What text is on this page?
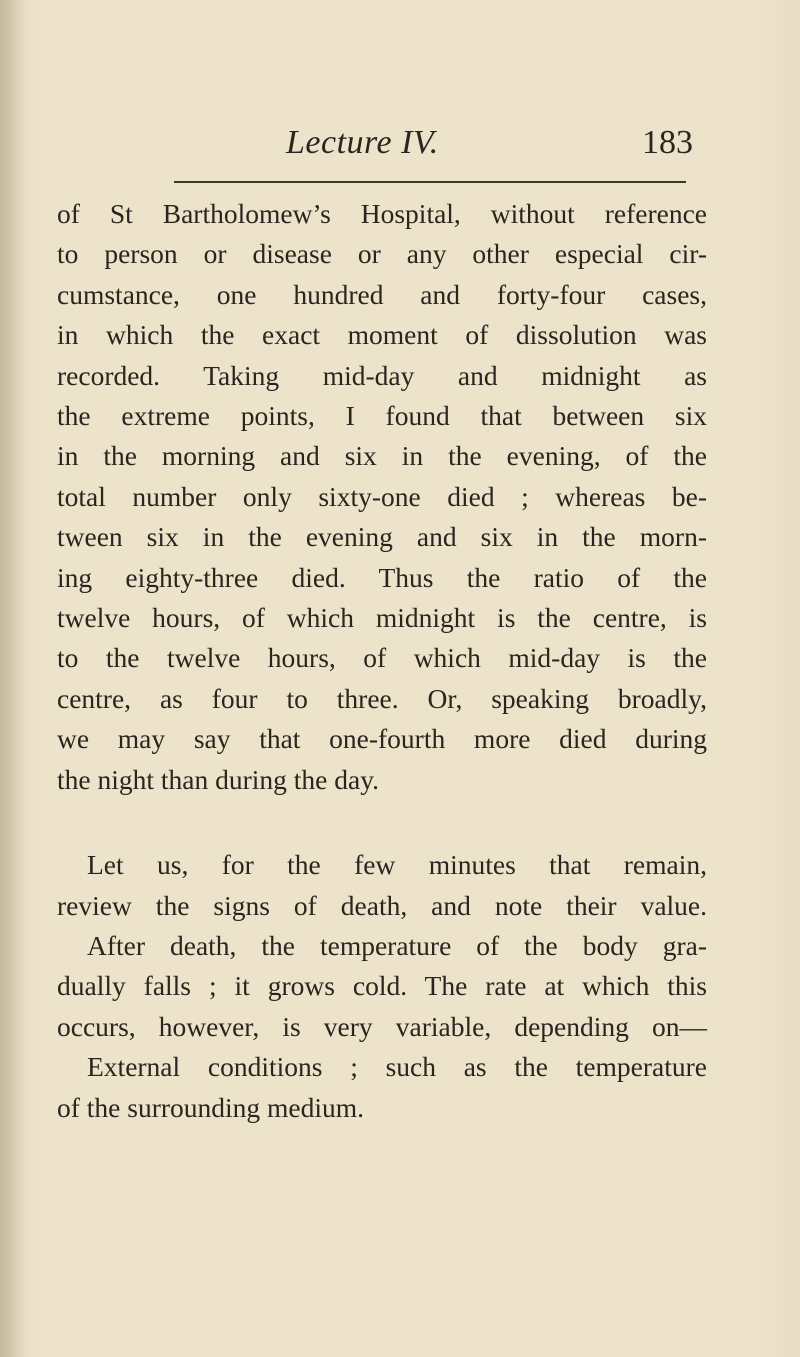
Lecture IV.	183
of St Bartholomew’s Hospital, without reference
to person or disease or any other especial cir-
cumstance, one hundred and forty-four cases,
in which the exact moment of dissolution was
recorded. Taking mid-day and midnight as
the extreme points, I found that between six
in the morning and six in the evening, of the
total number only sixty-one died ; whereas be-
tween six in the evening and six in the morn-
ing eighty-three died. Thus the ratio of the
twelve hours, of which midnight is the centre, is
to the twelve hours, of which mid-day is the
centre, as four to three. Or, speaking broadly,
we may say that one-fourth more died during
the night than during the day.
Let us, for the few minutes that remain,
review the signs of death, and note their value.
After death, the temperature of the body gra-
dually falls ; it grows cold. The rate at which this
occurs, however, is very variable, depending on—
External conditions ; such as the temperature
of the surrounding medium.
